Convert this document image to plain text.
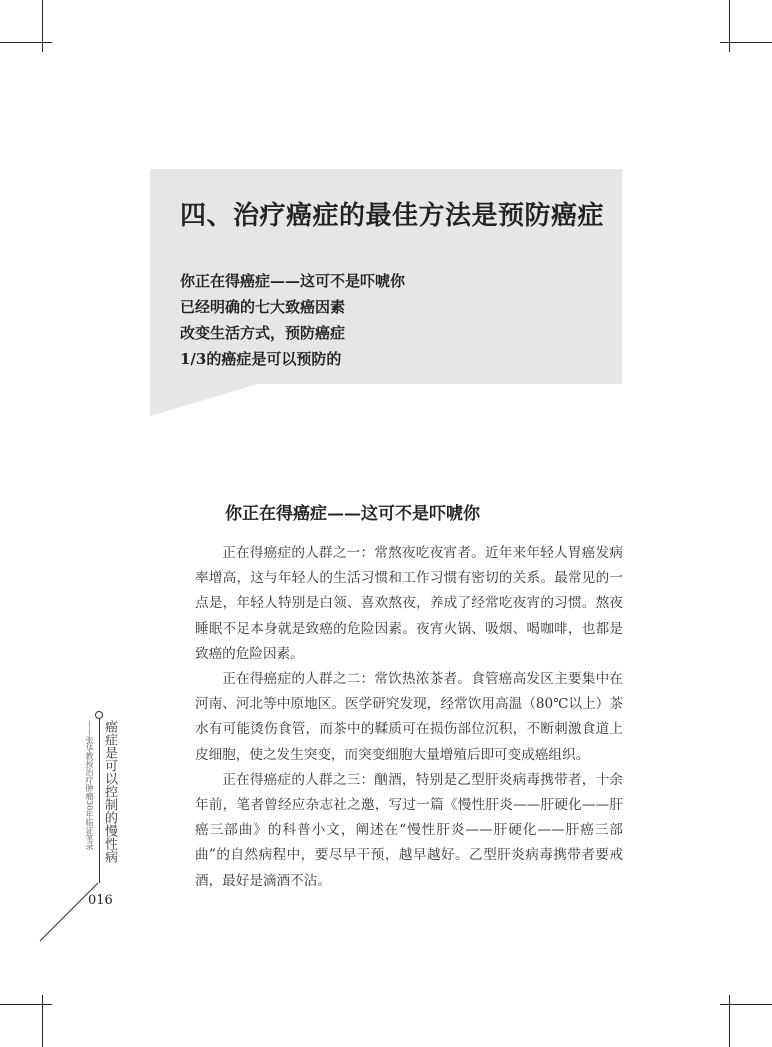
四、治疗癌症的最佳方法是预防癌症
你正在得癌症——这可不是吓唬你
已经明确的七大致癌因素
改变生活方式，预防癌症
1/3的癌症是可以预防的
你正在得癌症——这可不是吓唬你

正在得癌症的人群之一：常熬夜吃夜宵者。近年来年轻人胃癌发病率增高，这与年轻人的生活习惯和工作习惯有密切的关系。最常见的一点是，年轻人特别是白领、喜欢熬夜，养成了经常吃夜宵的习惯。熬夜睡眠不足本身就是致癌的危险因素。夜宵火锅、吸烟、喝咖啡，也都是致癌的危险因素。

正在得癌症的人群之二：常饮热浓茶者。食管癌高发区主要集中在河南、河北等中原地区。医学研究发现，经常饮用高温（80℃以上）茶水有可能烫伤食管，而茶中的鞣质可在损伤部位沉积，不断刺激食道上皮细胞，使之发生突变，而突变细胞大量增殖后即可变成癌组织。

正在得癌症的人群之三：酗酒，特别是乙型肝炎病毒携带者，十余年前，笔者曾经应杂志社之邀，写过一篇《慢性肝炎——肝硬化——肝癌三部曲》的科普小文，阐述在“慢性肝炎——肝硬化——肝癌三部曲”的自然病程中，要尽早干预，越早越好。乙型肝炎病毒携带者要戒酒，最好是滴酒不沾。

癌症是可以控制的慢性病
——张华教授治疗肿瘤30年临证笔录
016
